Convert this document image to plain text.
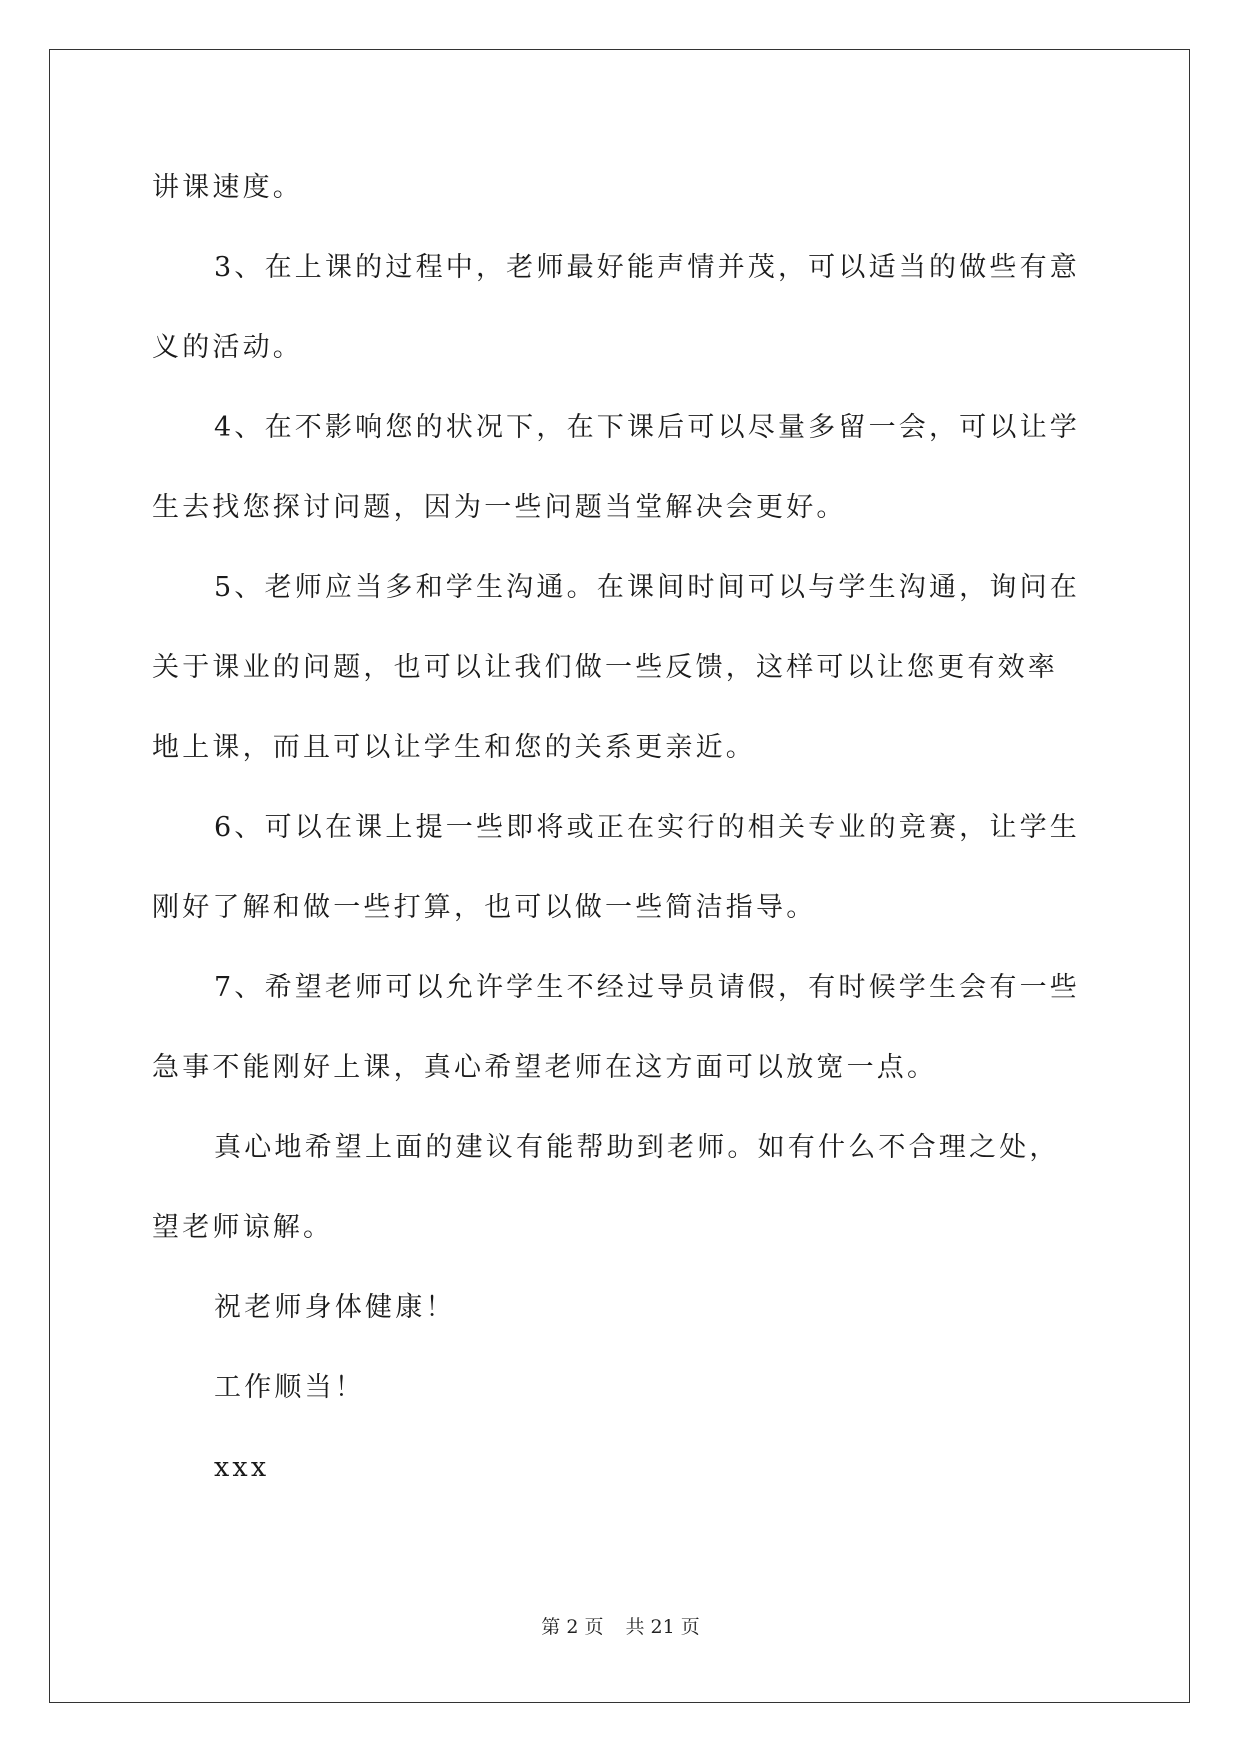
讲课速度。
3、在上课的过程中，老师最好能声情并茂，可以适当的做些有意
义的活动。
4、在不影响您的状况下，在下课后可以尽量多留一会，可以让学
生去找您探讨问题，因为一些问题当堂解决会更好。
5、老师应当多和学生沟通。在课间时间可以与学生沟通，询问在
关于课业的问题，也可以让我们做一些反馈，这样可以让您更有效率
地上课，而且可以让学生和您的关系更亲近。
6、可以在课上提一些即将或正在实行的相关专业的竞赛，让学生
刚好了解和做一些打算，也可以做一些简洁指导。
7、希望老师可以允许学生不经过导员请假，有时候学生会有一些
急事不能刚好上课，真心希望老师在这方面可以放宽一点。
真心地希望上面的建议有能帮助到老师。如有什么不合理之处，
望老师谅解。
祝老师身体健康！
工作顺当！
xxx
第 2 页 共 21 页
